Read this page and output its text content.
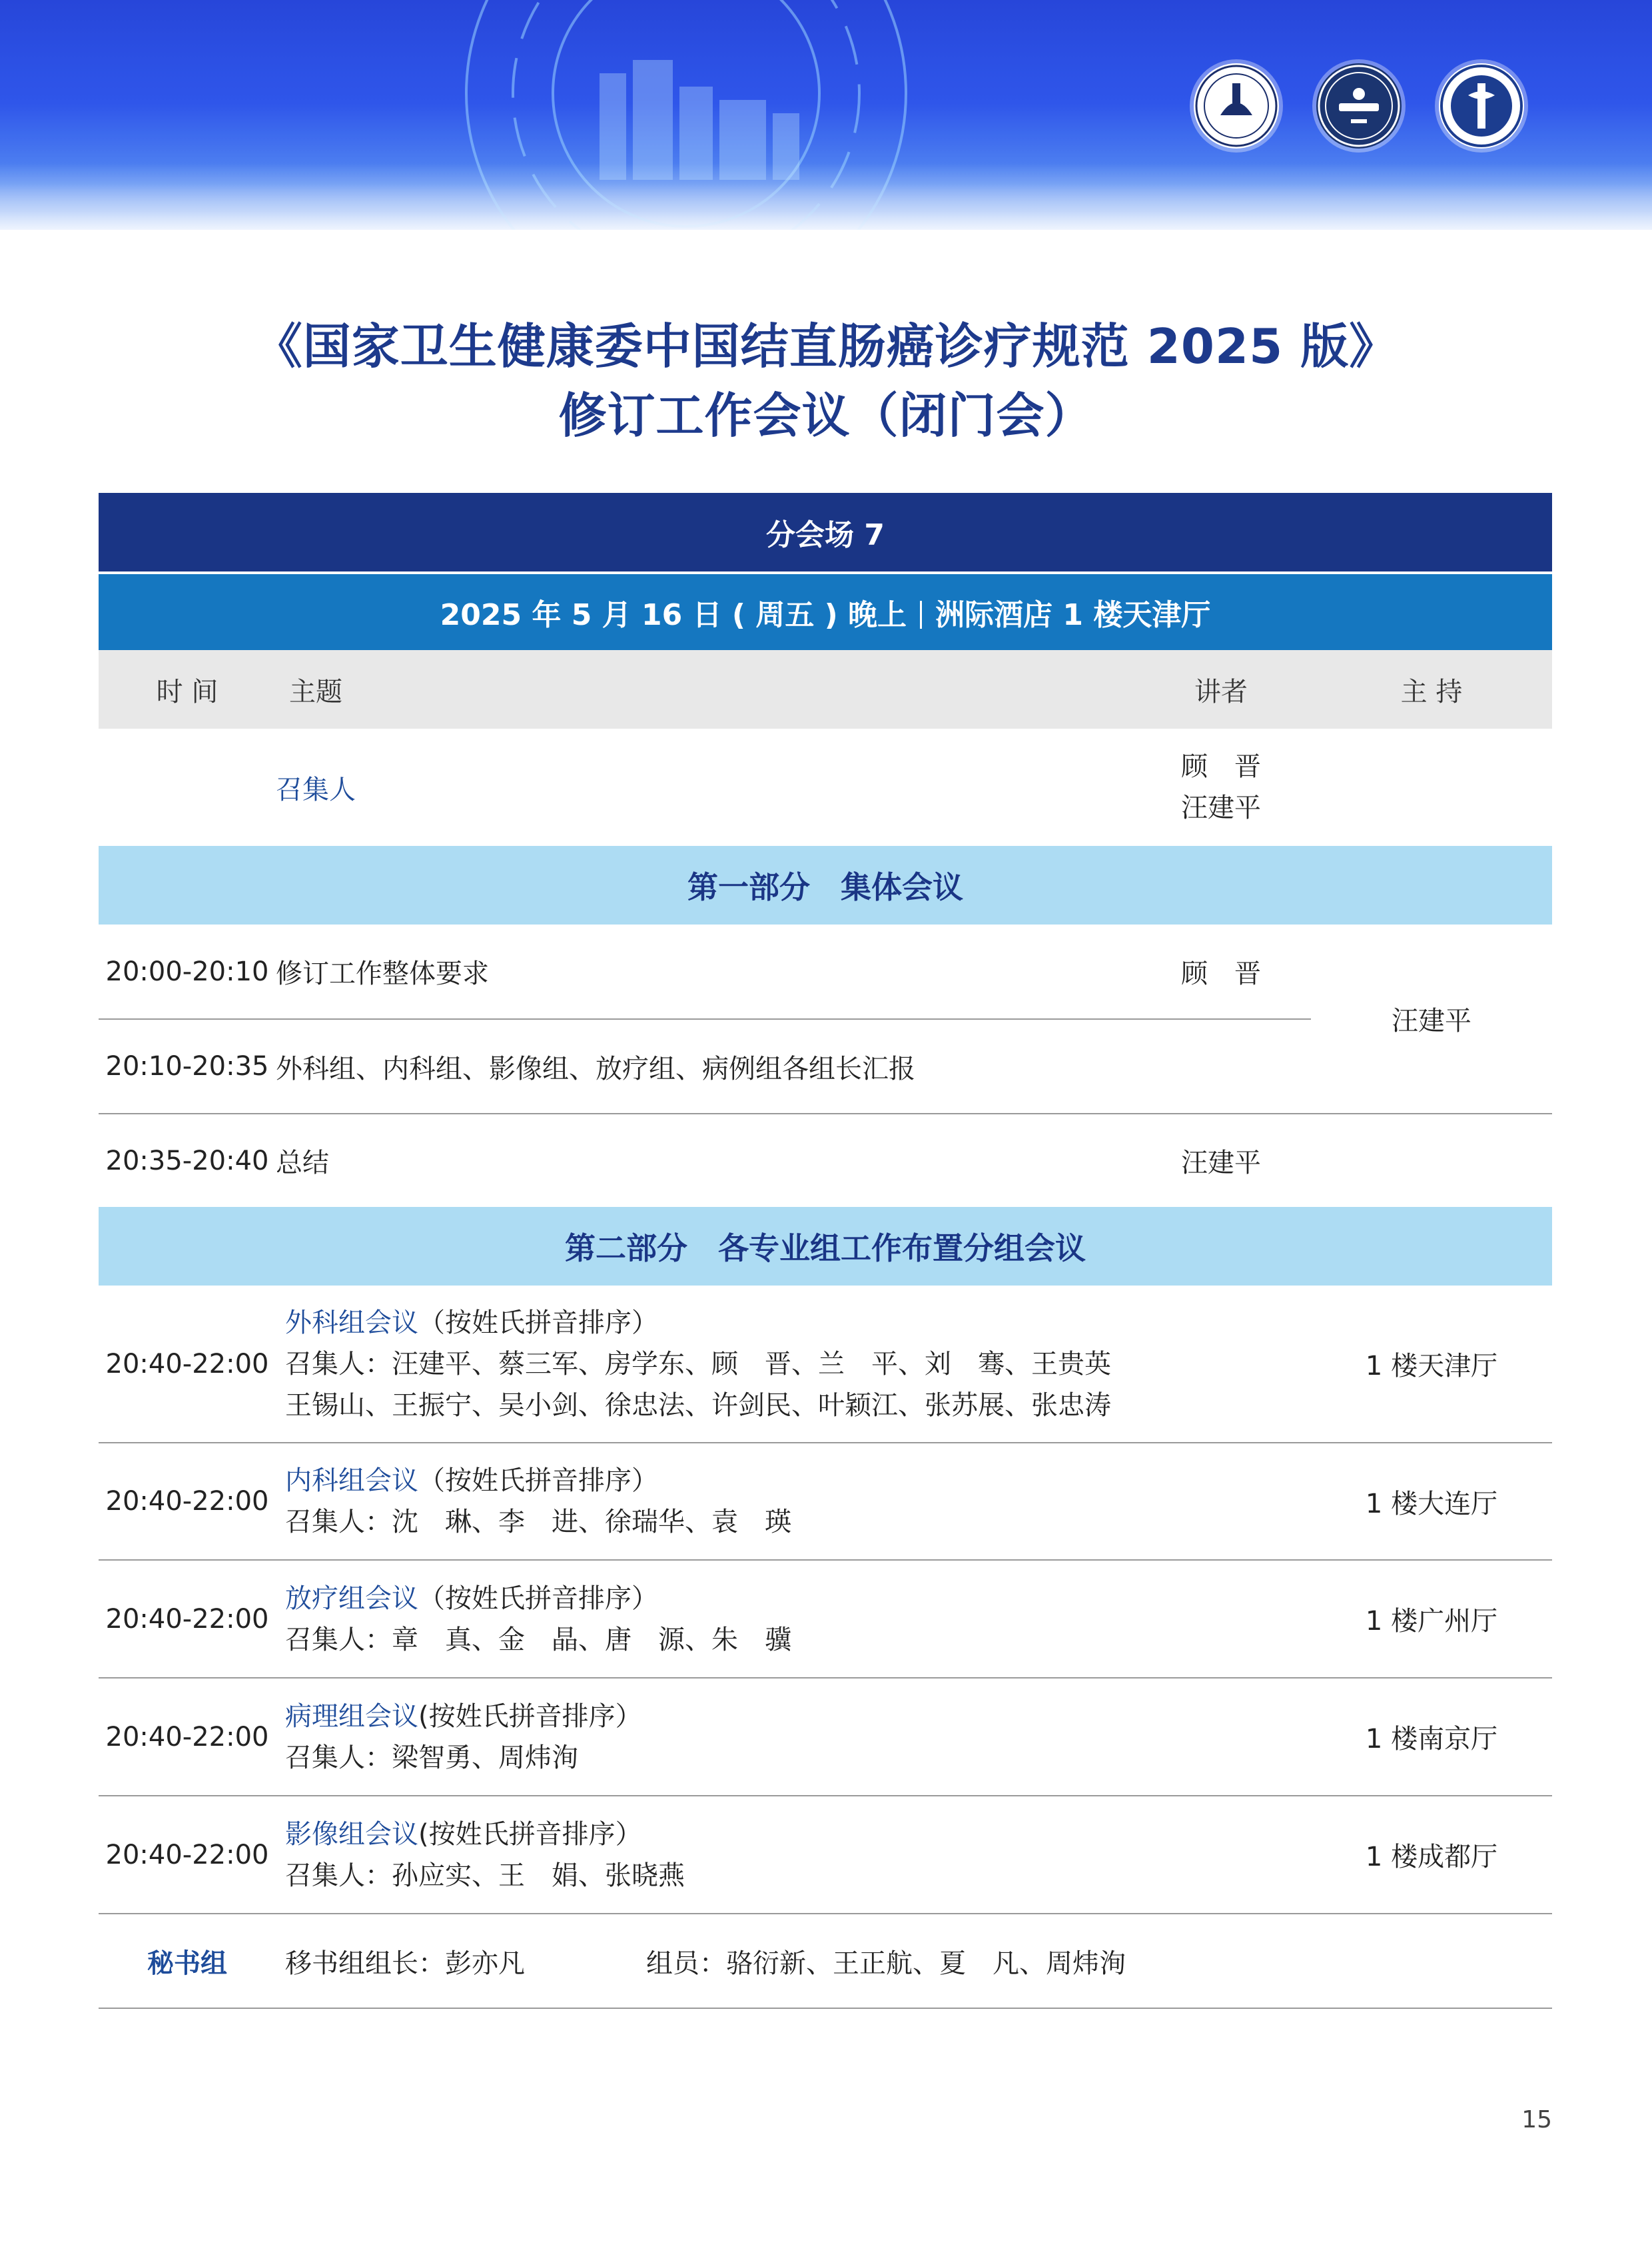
《国家卫生健康委中国结直肠癌诊疗规范 2025 版》
修订工作会议（闭门会）
分会场 7			
2025 年 5 月 16 日 ( 周五 ) 晚上 洲际酒店 1 楼天津厅			
时 间	主题	讲者	主 持
	召集人	顾　晋
汪建平	

第一部分　集体会议			
20:00-20:10	修订工作整体要求	顾　晋	汪建平
20:10-20:35	外科组、内科组、影像组、放疗组、病例组各组长汇报		
20:35-20:40	总结	汪建平	
第二部分　各专业组工作布置分组会议			
20:40-22:00	外科组会议（按姓氏拼音排序）
召集人：汪建平、蔡三军、房学东、顾　晋、兰　平、刘　骞、王贵英
王锡山、王振宁、吴小剑、徐忠法、许剑民、叶颖江、张苏展、张忠涛		1 楼天津厅
20:40-22:00	内科组会议（按姓氏拼音排序）
召集人：沈　琳、李　进、徐瑞华、袁　瑛		1 楼大连厅
20:40-22:00	放疗组会议（按姓氏拼音排序）
召集人：章　真、金　晶、唐　源、朱　骥		1 楼广州厅
20:40-22:00	病理组会议(按姓氏拼音排序）
召集人：梁智勇、周炜洵		1 楼南京厅
20:40-22:00	影像组会议(按姓氏拼音排序）
召集人：孙应实、王　娟、张晓燕		1 楼成都厅
秘书组	移书组组长：彭亦凡 组员：骆衍新、王正航、夏　凡、周炜洵		
15
